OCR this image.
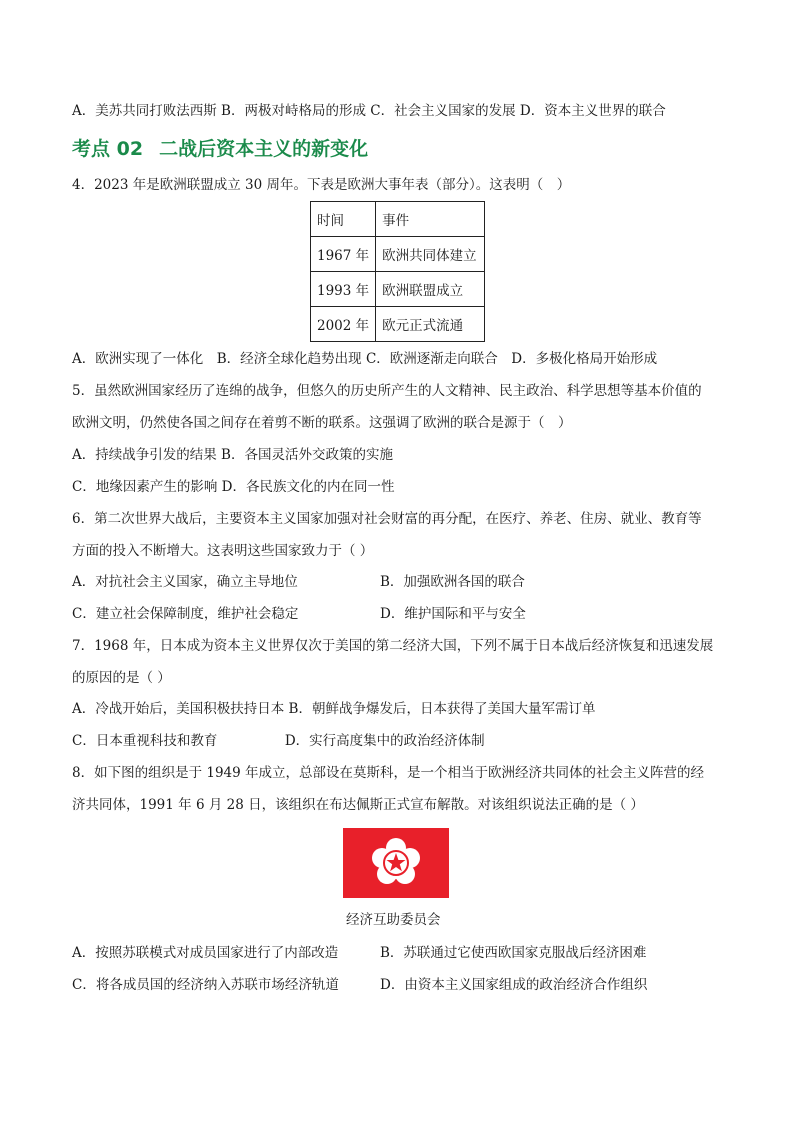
A．美苏共同打败法西斯 B．两极对峙格局的形成 C．社会主义国家的发展 D．资本主义世界的联合
考点 02 二战后资本主义的新变化
4．2023 年是欧洲联盟成立 30 周年。下表是欧洲大事年表（部分）。这表明（　）
时间	事件
1967 年	欧洲共同体建立
1993 年	欧洲联盟成立
2002 年	欧元正式流通
A．欧洲实现了一体化　B．经济全球化趋势出现 C．欧洲逐渐走向联合　D．多极化格局开始形成
5．虽然欧洲国家经历了连绵的战争，但悠久的历史所产生的人文精神、民主政治、科学思想等基本价值的
欧洲文明，仍然使各国之间存在着剪不断的联系。这强调了欧洲的联合是源于（　）
A．持续战争引发的结果 B．各国灵活外交政策的实施
C．地缘因素产生的影响 D．各民族文化的内在同一性
6．第二次世界大战后，主要资本主义国家加强对社会财富的再分配，在医疗、养老、住房、就业、教育等
方面的投入不断增大。这表明这些国家致力于（ ）
A．对抗社会主义国家，确立主导地位	B．加强欧洲各国的联合
C．建立社会保障制度，维护社会稳定	D．维护国际和平与安全
7．1968 年，日本成为资本主义世界仅次于美国的第二经济大国，下列不属于日本战后经济恢复和迅速发展
的原因的是（ ）
A．冷战开始后，美国积极扶持日本 B．朝鲜战争爆发后，日本获得了美国大量军需订单
C．日本重视科技和教育　　　　　D．实行高度集中的政治经济体制
8．如下图的组织是于 1949 年成立，总部设在莫斯科，是一个相当于欧洲经济共同体的社会主义阵营的经
济共同体，1991 年 6 月 28 日，该组织在布达佩斯正式宣布解散。对该组织说法正确的是（ ）
经济互助委员会
A．按照苏联模式对成员国家进行了内部改造	B．苏联通过它使西欧国家克服战后经济困难
C．将各成员国的经济纳入苏联市场经济轨道	D．由资本主义国家组成的政治经济合作组织
